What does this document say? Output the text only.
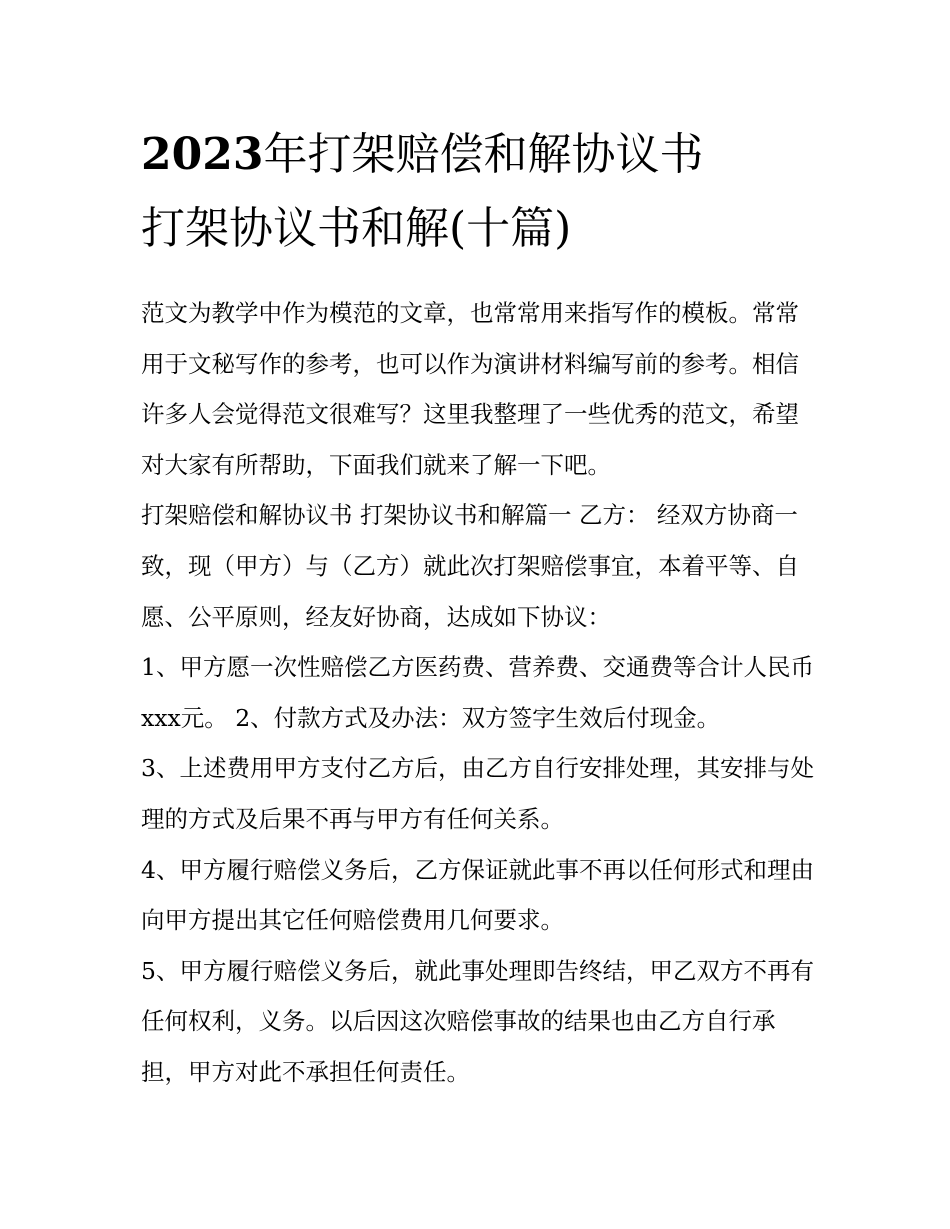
2023年打架赔偿和解协议书
打架协议书和解(十篇)

范文为教学中作为模范的文章，也常常用来指写作的模板。常常用于文秘写作的参考，也可以作为演讲材料编写前的参考。相信许多人会觉得范文很难写？这里我整理了一些优秀的范文，希望对大家有所帮助，下面我们就来了解一下吧。

打架赔偿和解协议书 打架协议书和解篇一 乙方： 经双方协商一致，现（甲方）与（乙方）就此次打架赔偿事宜，本着平等、自愿、公平原则，经友好协商，达成如下协议：

1、甲方愿一次性赔偿乙方医药费、营养费、交通费等合计人民币xxx元。 2、付款方式及办法：双方签字生效后付现金。

3、上述费用甲方支付乙方后，由乙方自行安排处理，其安排与处理的方式及后果不再与甲方有任何关系。

4、甲方履行赔偿义务后，乙方保证就此事不再以任何形式和理由向甲方提出其它任何赔偿费用几何要求。

5、甲方履行赔偿义务后，就此事处理即告终结，甲乙双方不再有任何权利，义务。以后因这次赔偿事故的结果也由乙方自行承担，甲方对此不承担任何责任。
